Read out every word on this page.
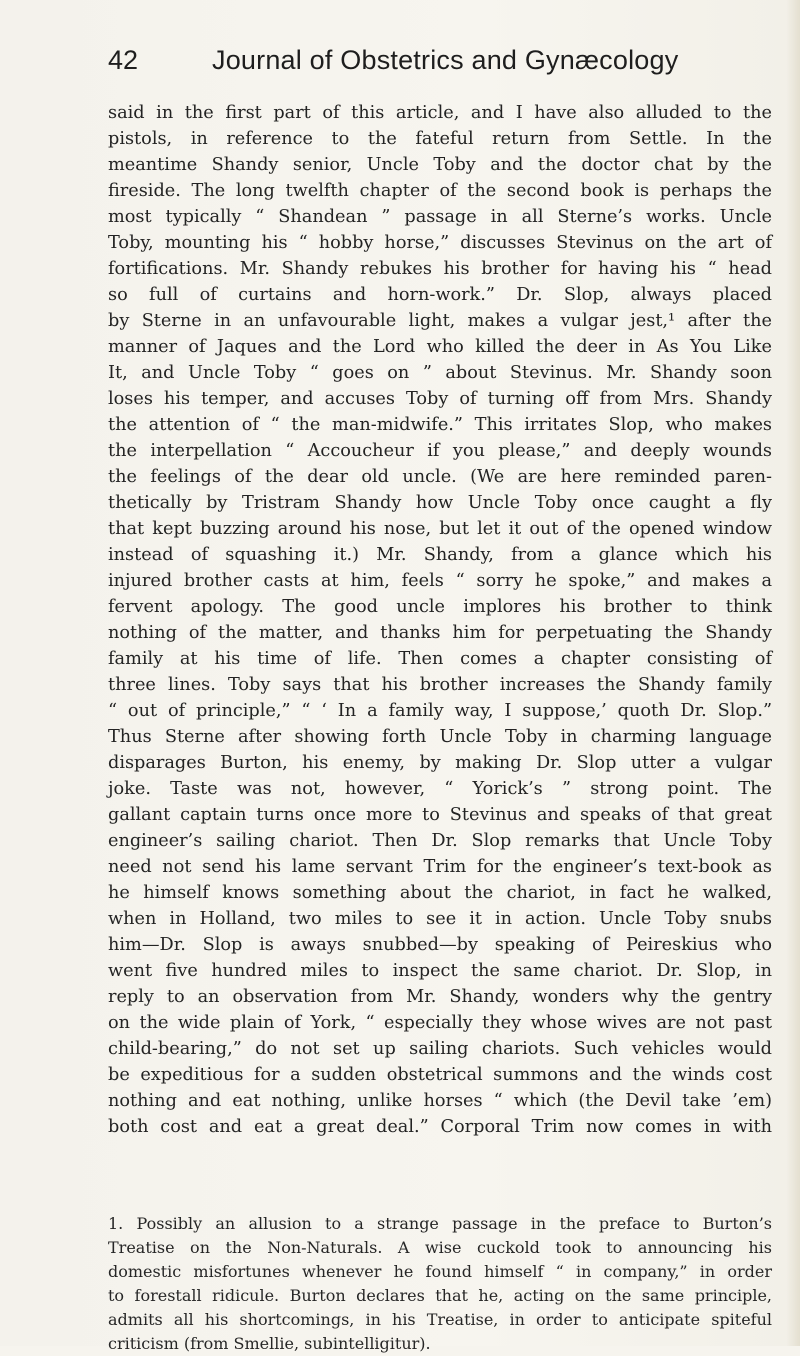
42	Journal of Obstetrics and Gynæcology
said in the first part of this article, and I have also alluded to the
pistols, in reference to the fateful return from Settle. In the
meantime Shandy senior, Uncle Toby and the doctor chat by the
fireside. The long twelfth chapter of the second book is perhaps the
most typically “ Shandean ” passage in all Sterne’s works. Uncle
Toby, mounting his “ hobby horse,” discusses Stevinus on the art of
fortifications. Mr. Shandy rebukes his brother for having his “ head
so full of curtains and horn-work.” Dr. Slop, always placed
by Sterne in an unfavourable light, makes a vulgar jest,¹ after the
manner of Jaques and the Lord who killed the deer in As You Like
It, and Uncle Toby “ goes on ” about Stevinus. Mr. Shandy soon
loses his temper, and accuses Toby of turning off from Mrs. Shandy
the attention of “ the man-midwife.” This irritates Slop, who makes
the interpellation “ Accoucheur if you please,” and deeply wounds
the feelings of the dear old uncle. (We are here reminded paren-
thetically by Tristram Shandy how Uncle Toby once caught a fly
that kept buzzing around his nose, but let it out of the opened window
instead of squashing it.) Mr. Shandy, from a glance which his
injured brother casts at him, feels “ sorry he spoke,” and makes a
fervent apology. The good uncle implores his brother to think
nothing of the matter, and thanks him for perpetuating the Shandy
family at his time of life. Then comes a chapter consisting of
three lines. Toby says that his brother increases the Shandy family
“ out of principle,” “ ‘ In a family way, I suppose,’ quoth Dr. Slop.”
Thus Sterne after showing forth Uncle Toby in charming language
disparages Burton, his enemy, by making Dr. Slop utter a vulgar
joke. Taste was not, however, “ Yorick’s ” strong point. The
gallant captain turns once more to Stevinus and speaks of that great
engineer’s sailing chariot. Then Dr. Slop remarks that Uncle Toby
need not send his lame servant Trim for the engineer’s text-book as
he himself knows something about the chariot, in fact he walked,
when in Holland, two miles to see it in action. Uncle Toby snubs
him—Dr. Slop is aways snubbed—by speaking of Peireskius who
went five hundred miles to inspect the same chariot. Dr. Slop, in
reply to an observation from Mr. Shandy, wonders why the gentry
on the wide plain of York, “ especially they whose wives are not past
child-bearing,” do not set up sailing chariots. Such vehicles would
be expeditious for a sudden obstetrical summons and the winds cost
nothing and eat nothing, unlike horses “ which (the Devil take ’em)
both cost and eat a great deal.” Corporal Trim now comes in with
1. Possibly an allusion to a strange passage in the preface to Burton’s
Treatise on the Non-Naturals. A wise cuckold took to announcing his
domestic misfortunes whenever he found himself “ in company,” in order
to forestall ridicule. Burton declares that he, acting on the same principle,
admits all his shortcomings, in his Treatise, in order to anticipate spiteful
criticism (from Smellie, subintelligitur).
